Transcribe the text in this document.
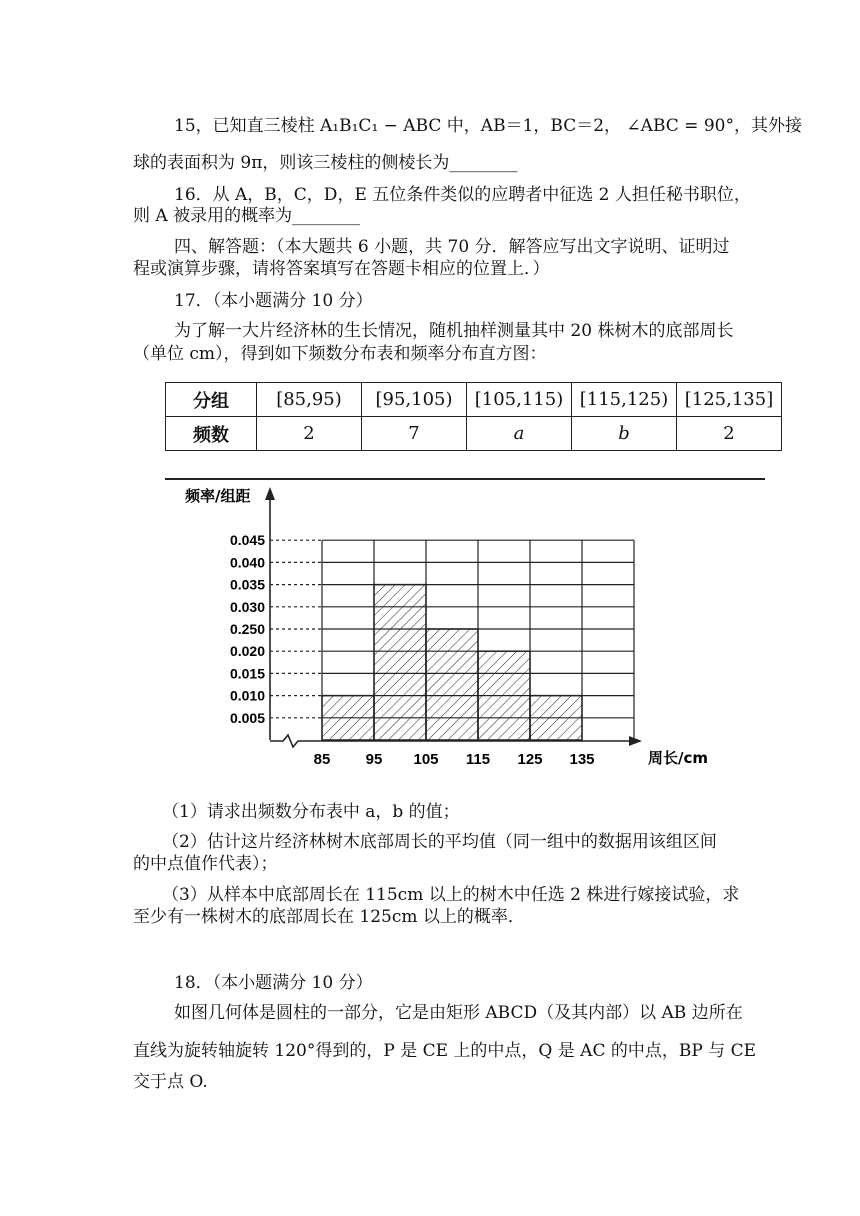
15，已知直三棱柱 A₁B₁C₁ − ABC 中，AB＝1，BC＝2， ∠ABC = 90°，其外接
球的表面积为 9π，则该三棱柱的侧棱长为________
16．从 A，B，C，D，E 五位条件类似的应聘者中征选 2 人担任秘书职位，
则 A 被录用的概率为________
四、解答题：（本大题共 6 小题，共 70 分．解答应写出文字说明、证明过
程或演算步骤，请将答案填写在答题卡相应的位置上．）
17．（本小题满分 10 分）
为了解一大片经济林的生长情况，随机抽样测量其中 20 株树木的底部周长
（单位 cm），得到如下频数分布表和频率分布直方图：
分组	[85,95)	[95,105)	[105,115)	[115,125)	[125,135]
频数	2	7	a	b	2
0.005
0.010
0.015
0.020
0.250
0.030
0.035
0.040
0.045
85 95 105 115 125 135
频率/组距
周长/cm
（1）请求出频数分布表中 a，b 的值；
（2）估计这片经济林树木底部周长的平均值（同一组中的数据用该组区间
的中点值作代表）；
（3）从样本中底部周长在 115cm 以上的树木中任选 2 株进行嫁接试验，求
至少有一株树木的底部周长在 125cm 以上的概率．
18．（本小题满分 10 分）
如图几何体是圆柱的一部分，它是由矩形 ABCD（及其内部）以 AB 边所在
直线为旋转轴旋转 120°得到的，P 是 CE 上的中点，Q 是 AC 的中点，BP 与 CE
交于点 O.
